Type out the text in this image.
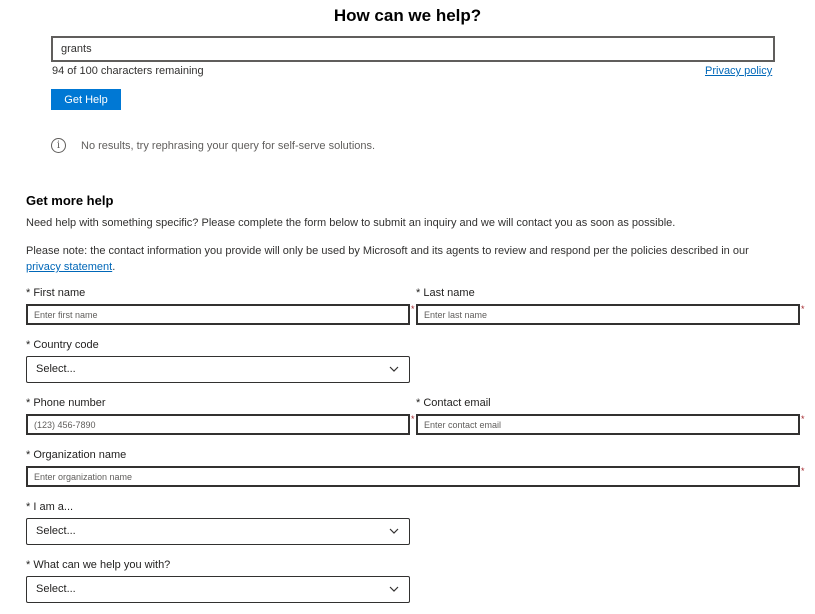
How can we help?
grants
94 of 100 characters remaining	Privacy policy
Get Help
i	No results, try rephrasing your query for self-serve solutions.
Get more help
Need help with something specific? Please complete the form below to submit an inquiry and we will contact you as soon as possible.
Please note: the contact information you provide will only be used by Microsoft and its agents to review and respond per the policies described in our privacy statement.
* First name
Enter first name
*
* Last name
Enter last name
*
* Country code
Select...
* Phone number
(123) 456-7890
*
* Contact email
Enter contact email
*
* Organization name
Enter organization name
*
* I am a...
Select...
* What can we help you with?
Select...
